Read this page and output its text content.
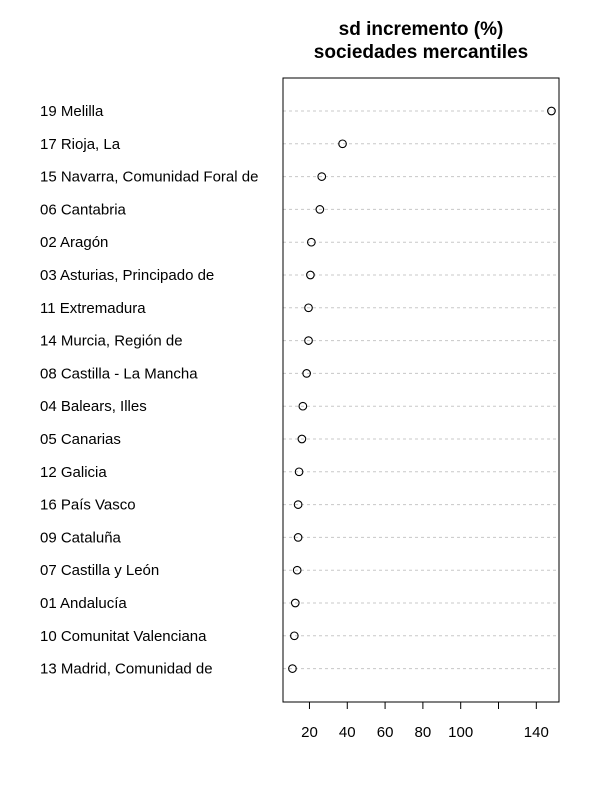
sd incremento (%)
sociedades mercantiles
19 Melilla
17 Rioja, La
15 Navarra, Comunidad Foral de
06 Cantabria
02 Aragón
03 Asturias, Principado de
11 Extremadura
14 Murcia, Región de
08 Castilla - La Mancha
04 Balears, Illes
05 Canarias
12 Galicia
16 País Vasco
09 Cataluña
07 Castilla y León
01 Andalucía
10 Comunitat Valenciana
13 Madrid, Comunidad de
20 40 60 80 100	140
